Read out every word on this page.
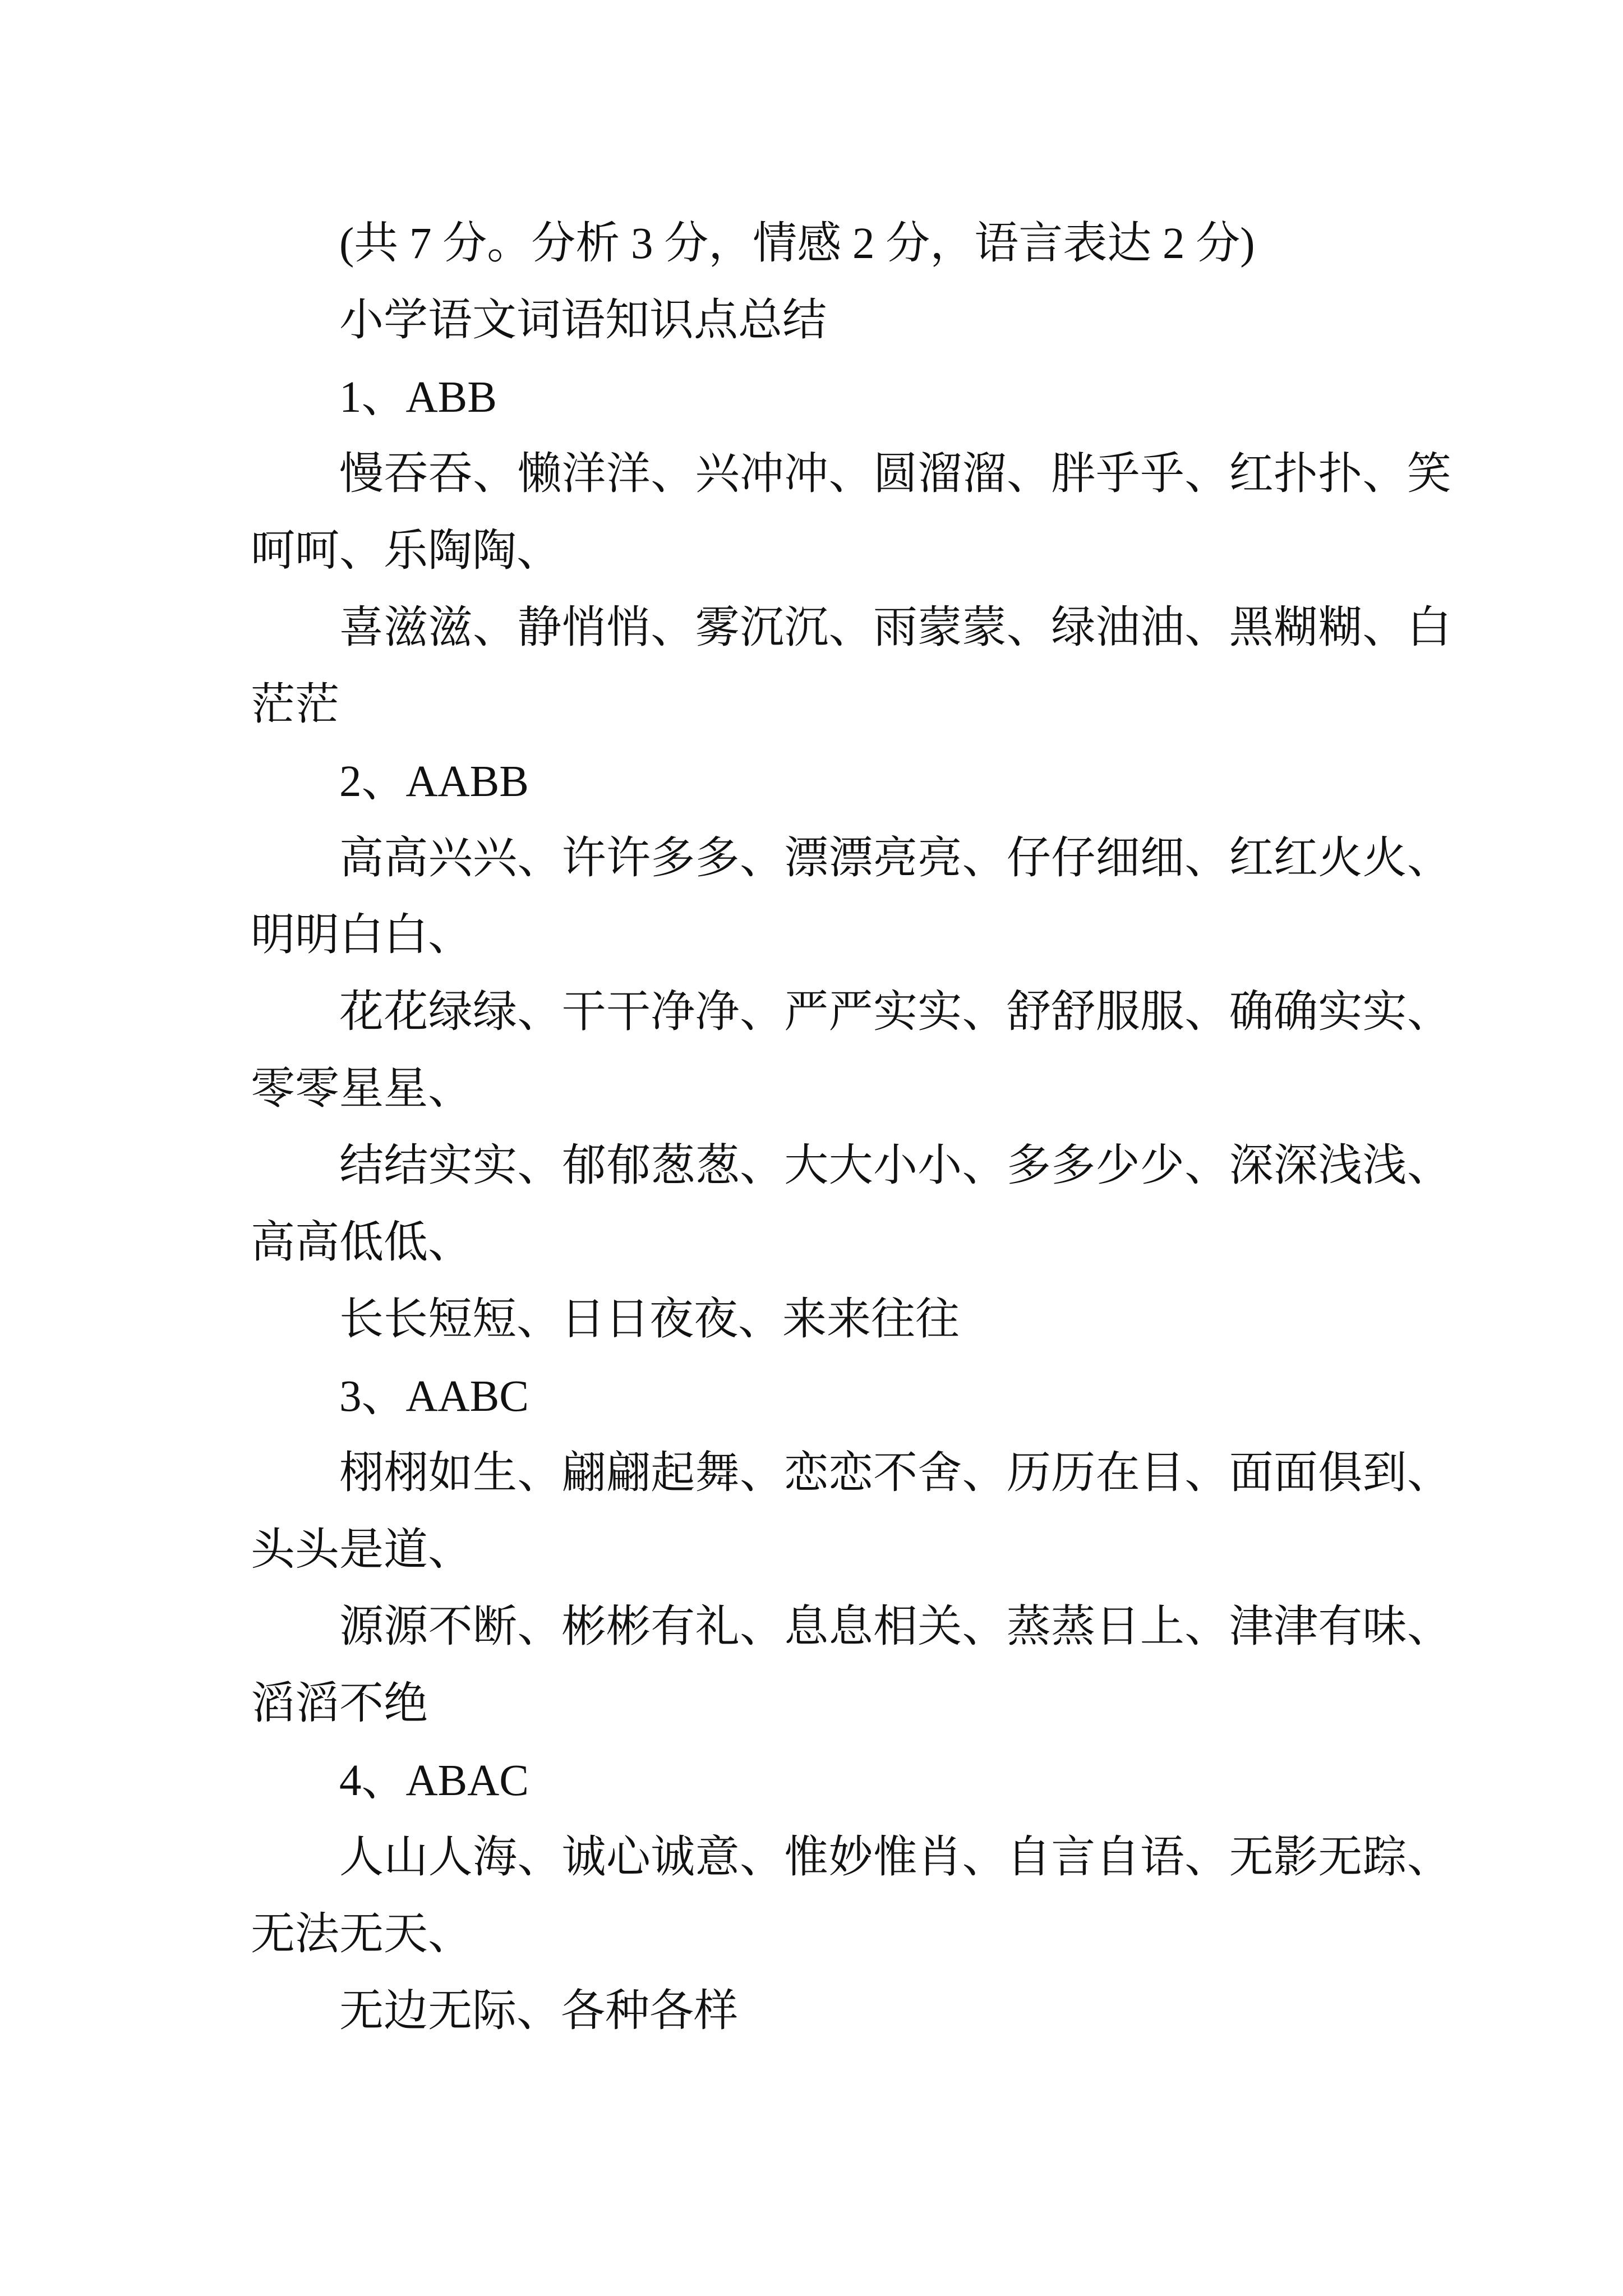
(共 7 分。分析 3 分，情感 2 分，语言表达 2 分)

小学语文词语知识点总结

1、ABB

慢吞吞、懒洋洋、兴冲冲、圆溜溜、胖乎乎、红扑扑、笑呵呵、乐陶陶、

喜滋滋、静悄悄、雾沉沉、雨蒙蒙、绿油油、黑糊糊、白茫茫

2、AABB

高高兴兴、许许多多、漂漂亮亮、仔仔细细、红红火火、明明白白、

花花绿绿、干干净净、严严实实、舒舒服服、确确实实、零零星星、

结结实实、郁郁葱葱、大大小小、多多少少、深深浅浅、高高低低、

长长短短、日日夜夜、来来往往

3、AABC

栩栩如生、翩翩起舞、恋恋不舍、历历在目、面面俱到、头头是道、

源源不断、彬彬有礼、息息相关、蒸蒸日上、津津有味、滔滔不绝

4、ABAC

人山人海、诚心诚意、惟妙惟肖、自言自语、无影无踪、无法无天、

无边无际、各种各样
